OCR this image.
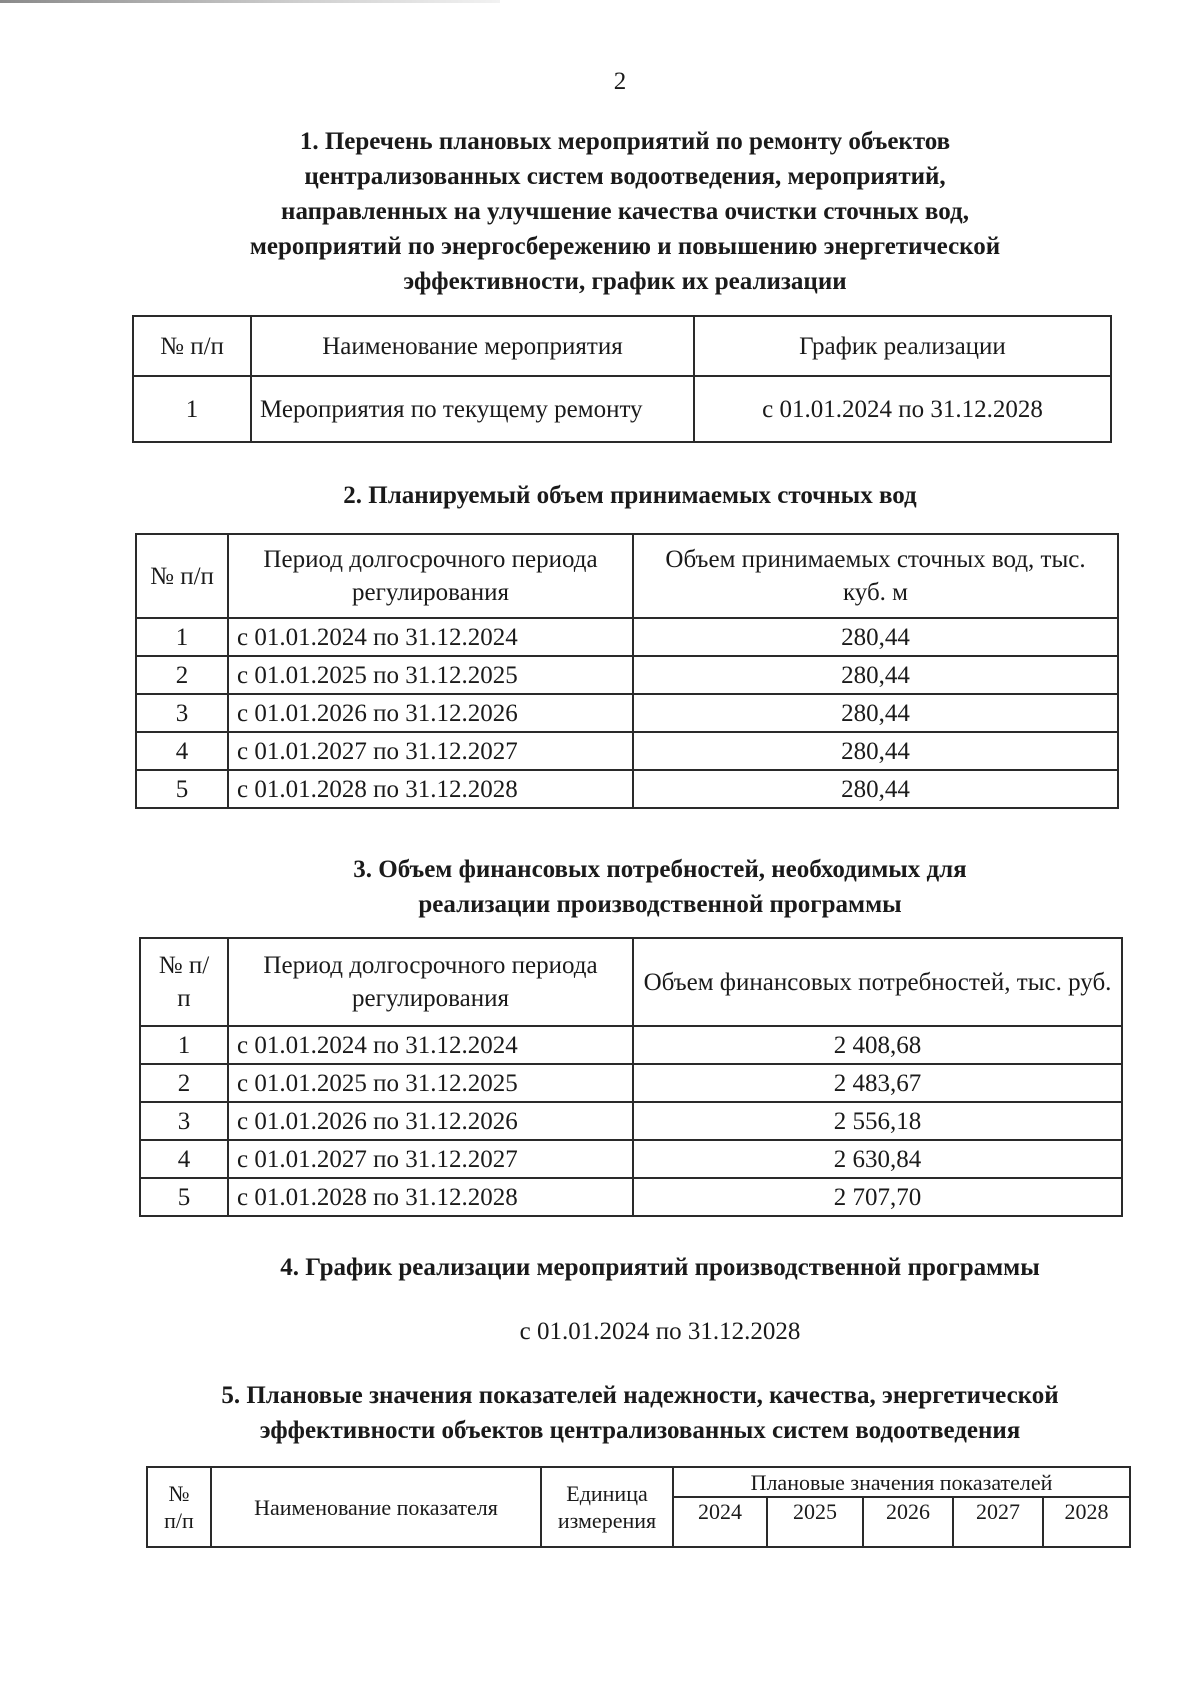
2

1. Перечень плановых мероприятий по ремонту объектов

централизованных систем водоотведения, мероприятий,

направленных на улучшение качества очистки сточных вод,

мероприятий по энергосбережению и повышению энергетической

эффективности, график их реализации

№ п/п	Наименование мероприятия	График реализации
1	Мероприятия по текущему ремонту	с 01.01.2024 по 31.12.2028
2. Планируемый объем принимаемых сточных вод
№ п/п	Период долгосрочного периода регулирования	Объем принимаемых сточных вод, тыс. куб. м
1	с 01.01.2024 по 31.12.2024	280,44
2	с 01.01.2025 по 31.12.2025	280,44
3	с 01.01.2026 по 31.12.2026	280,44
4	с 01.01.2027 по 31.12.2027	280,44
5	с 01.01.2028 по 31.12.2028	280,44

3. Объем финансовых потребностей, необходимых для

реализации производственной программы

№ п/п	Период долгосрочного периода регулирования	Объем финансовых потребностей, тыс. руб.
1	с 01.01.2024 по 31.12.2024	2 408,68
2	с 01.01.2025 по 31.12.2025	2 483,67
3	с 01.01.2026 по 31.12.2026	2 556,18
4	с 01.01.2027 по 31.12.2027	2 630,84
5	с 01.01.2028 по 31.12.2028	2 707,70
4. График реализации мероприятий производственной программы
с 01.01.2024 по 31.12.2028

5. Плановые значения показателей надежности, качества, энергетической

эффективности объектов централизованных систем водоотведения

№ п/п	Наименование показателя	Единица измерения	Плановые значения показателей				
			2024	2025	2026	2027	2028
